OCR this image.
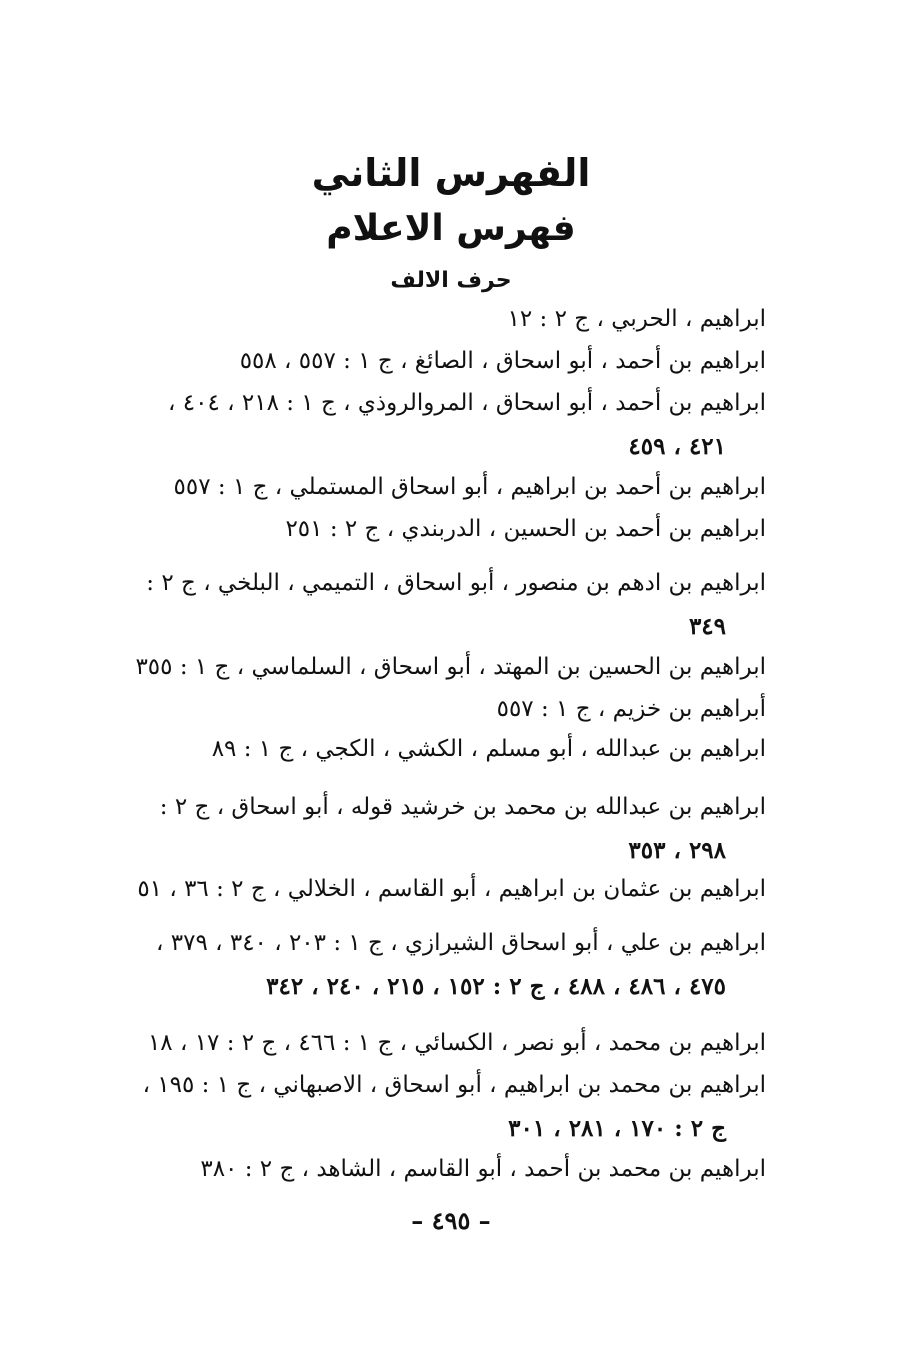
الفهرس الثاني
فهرس الاعلام
حرف الالف
ابراهيم ، الحربي ، ج ٢ : ١٢
ابراهيم بن أحمد ، أبو اسحاق ، الصائغ ، ج ١ : ٥٥٧ ، ٥٥٨
ابراهيم بن أحمد ، أبو اسحاق ، المروالروذي ، ج ١ : ٢١٨ ، ٤٠٤ ،
٤٢١ ، ٤٥٩
ابراهيم بن أحمد بن ابراهيم ، أبو اسحاق المستملي ، ج ١ : ٥٥٧
ابراهيم بن أحمد بن الحسين ، الدربندي ، ج ٢ : ٢٥١
ابراهيم بن ادهم بن منصور ، أبو اسحاق ، التميمي ، البلخي ، ج ٢ :
٣٤٩
ابراهيم بن الحسين بن المهتد ، أبو اسحاق ، السلماسي ، ج ١ : ٣٥٥
أبراهيم بن خزيم ، ج ١ : ٥٥٧
ابراهيم بن عبدالله ، أبو مسلم ، الكشي ، الكجي ، ج ١ : ٨٩
ابراهيم بن عبدالله بن محمد بن خرشيد قوله ، أبو اسحاق ، ج ٢ :
٢٩٨ ، ٣٥٣
ابراهيم بن عثمان بن ابراهيم ، أبو القاسم ، الخلالي ، ج ٢ : ٣٦ ، ٥١
ابراهيم بن علي ، أبو اسحاق الشيرازي ، ج ١ : ٢٠٣ ، ٣٤٠ ، ٣٧٩ ،
٤٧٥ ، ٤٨٦ ، ٤٨٨ ، ج ٢ : ١٥٢ ، ٢١٥ ، ٢٤٠ ، ٣٤٢
ابراهيم بن محمد ، أبو نصر ، الكسائي ، ج ١ : ٤٦٦ ، ج ٢ : ١٧ ، ١٨
ابراهيم بن محمد بن ابراهيم ، أبو اسحاق ، الاصبهاني ، ج ١ : ١٩٥ ،
ج ٢ : ١٧٠ ، ٢٨١ ، ٣٠١
ابراهيم بن محمد بن أحمد ، أبو القاسم ، الشاهد ، ج ٢ : ٣٨٠
– ٤٩٥ –
